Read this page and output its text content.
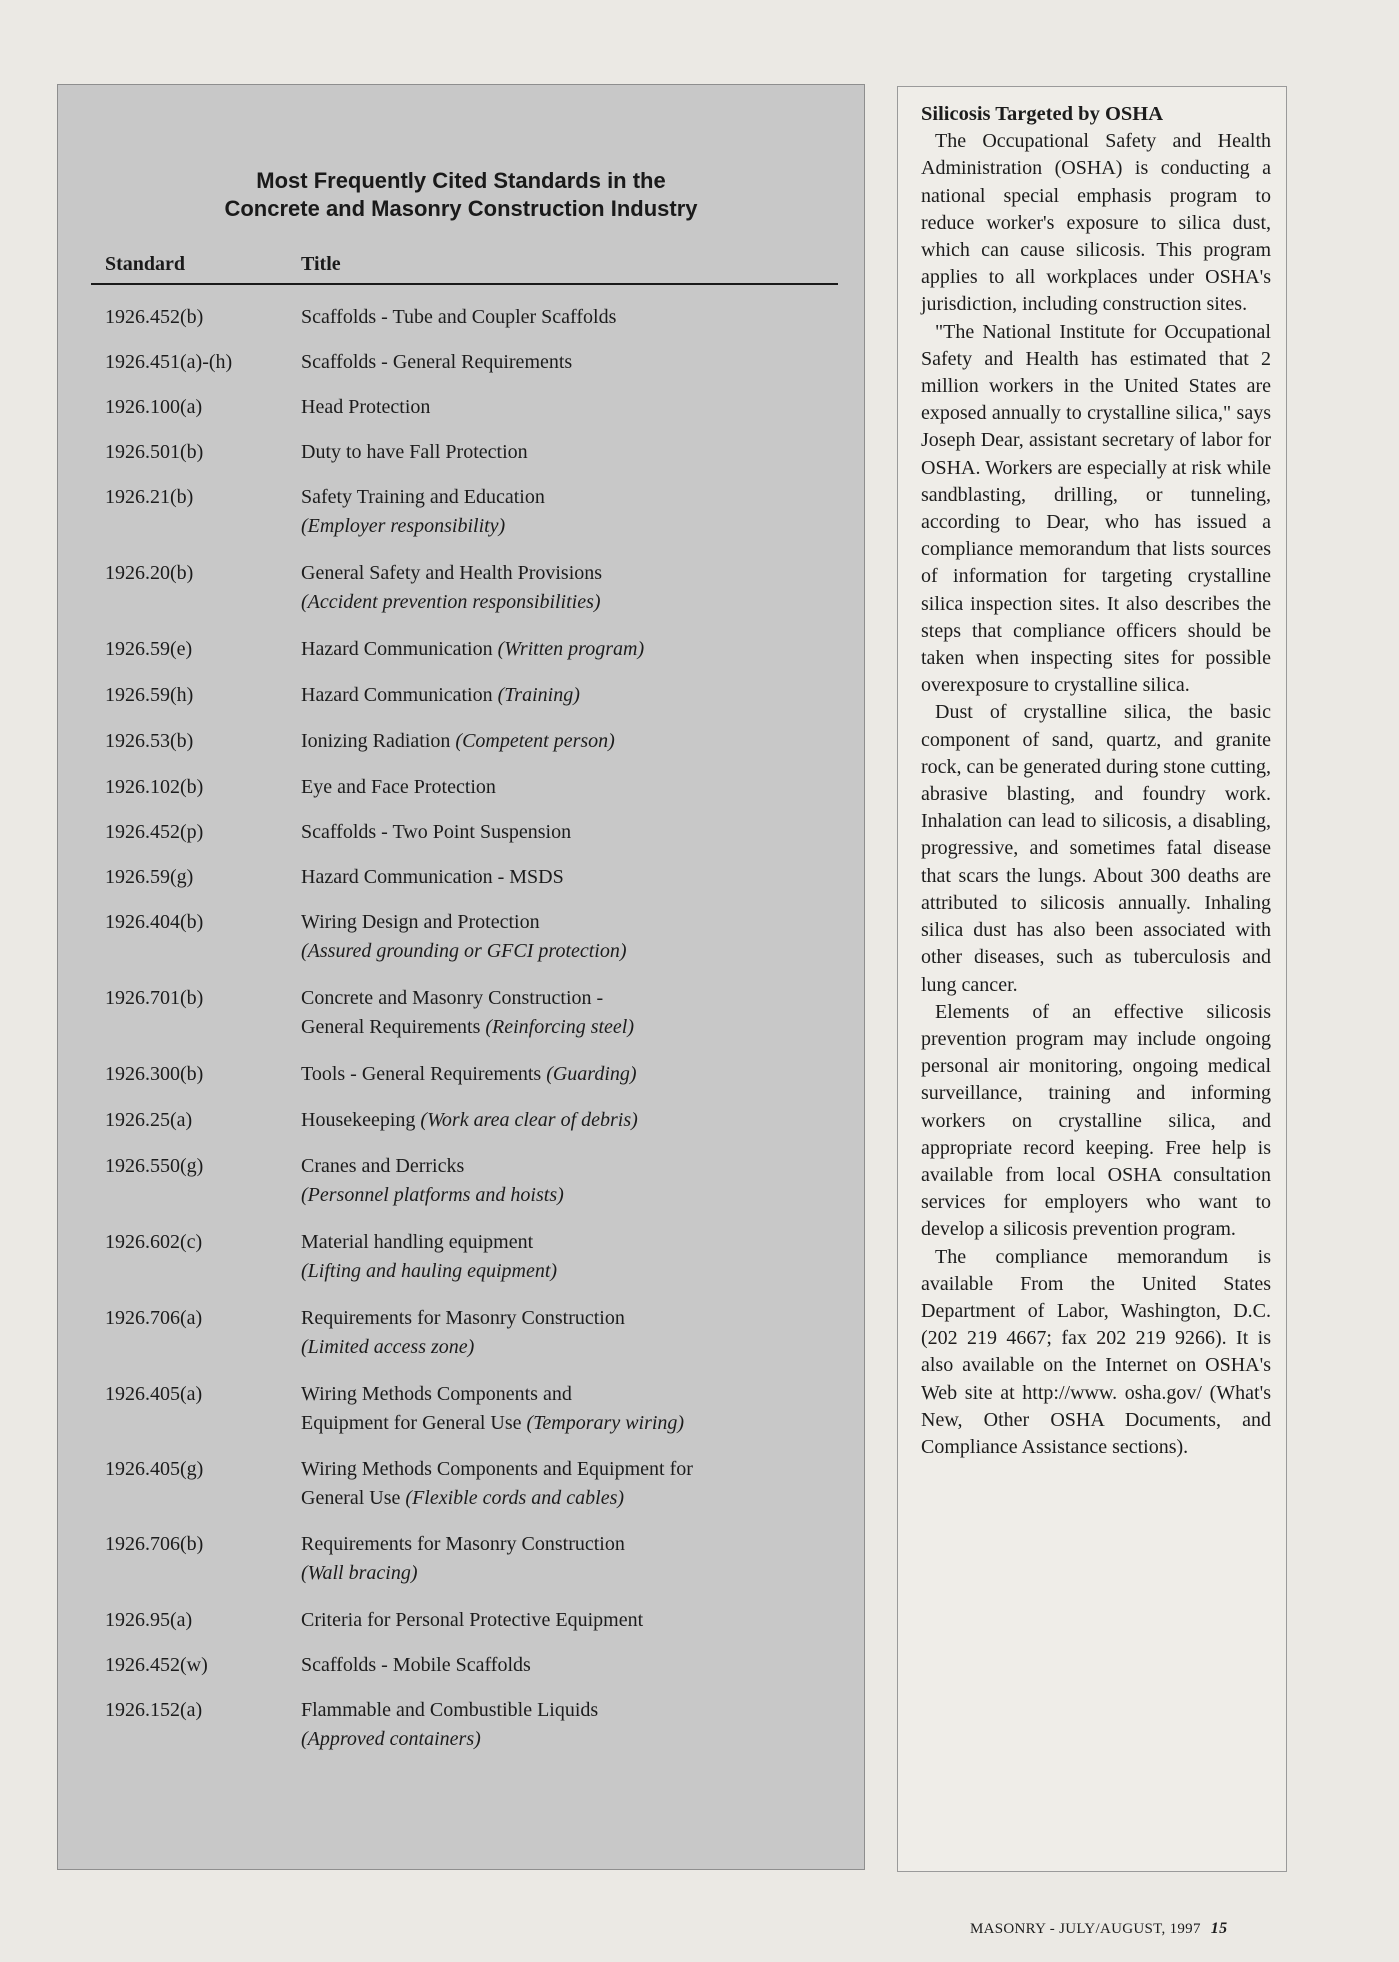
Most Frequently Cited Standards in the
Concrete and Masonry Construction Industry
Standard	Title
1926.452(b)	Scaffolds - Tube and Coupler Scaffolds
1926.451(a)-(h)	Scaffolds - General Requirements
1926.100(a)	Head Protection
1926.501(b)	Duty to have Fall Protection
1926.21(b)	Safety Training and Education
(Employer responsibility)
1926.20(b)	General Safety and Health Provisions
(Accident prevention responsibilities)
1926.59(e)	Hazard Communication (Written program)
1926.59(h)	Hazard Communication (Training)
1926.53(b)	Ionizing Radiation (Competent person)
1926.102(b)	Eye and Face Protection
1926.452(p)	Scaffolds - Two Point Suspension
1926.59(g)	Hazard Communication - MSDS
1926.404(b)	Wiring Design and Protection
(Assured grounding or GFCI protection)
1926.701(b)	Concrete and Masonry Construction -
General Requirements (Reinforcing steel)
1926.300(b)	Tools - General Requirements (Guarding)
1926.25(a)	Housekeeping (Work area clear of debris)
1926.550(g)	Cranes and Derricks
(Personnel platforms and hoists)
1926.602(c)	Material handling equipment
(Lifting and hauling equipment)
1926.706(a)	Requirements for Masonry Construction
(Limited access zone)
1926.405(a)	Wiring Methods Components and
Equipment for General Use (Temporary wiring)
1926.405(g)	Wiring Methods Components and Equipment for
General Use (Flexible cords and cables)
1926.706(b)	Requirements for Masonry Construction
(Wall bracing)
1926.95(a)	Criteria for Personal Protective Equipment
1926.452(w)	Scaffolds - Mobile Scaffolds
1926.152(a)	Flammable and Combustible Liquids
(Approved containers)
Silicosis Targeted by OSHA

The Occupational Safety and Health Administration (OSHA) is conducting a national special emphasis program to reduce worker's exposure to silica dust, which can cause silicosis. This program applies to all workplaces under OSHA's jurisdiction, including construction sites.

"The National Institute for Occupational Safety and Health has estimated that 2 million workers in the United States are exposed annually to crystalline silica," says Joseph Dear, assistant secretary of labor for OSHA. Workers are especially at risk while sandblasting, drilling, or tunneling, according to Dear, who has issued a compliance memorandum that lists sources of information for targeting crystalline silica inspection sites. It also describes the steps that compliance officers should be taken when inspecting sites for possible overexposure to crystalline silica.

Dust of crystalline silica, the basic component of sand, quartz, and granite rock, can be generated during stone cutting, abrasive blasting, and foundry work. Inhalation can lead to silicosis, a disabling, progressive, and sometimes fatal disease that scars the lungs. About 300 deaths are attributed to silicosis annually. Inhaling silica dust has also been associated with other diseases, such as tuberculosis and lung cancer.

Elements of an effective silicosis prevention program may include ongoing personal air monitoring, ongoing medical surveillance, training and informing workers on crystalline silica, and appropriate record keeping. Free help is available from local OSHA consultation services for employers who want to develop a silicosis prevention program.

The compliance memorandum is available From the United States Department of Labor, Washington, D.C. (202 219 4667; fax 202 219 9266). It is also available on the Internet on OSHA's Web site at http://www. osha.gov/ (What's New, Other OSHA Documents, and Compliance Assistance sections).

MASONRY - JULY/AUGUST, 1997 15
